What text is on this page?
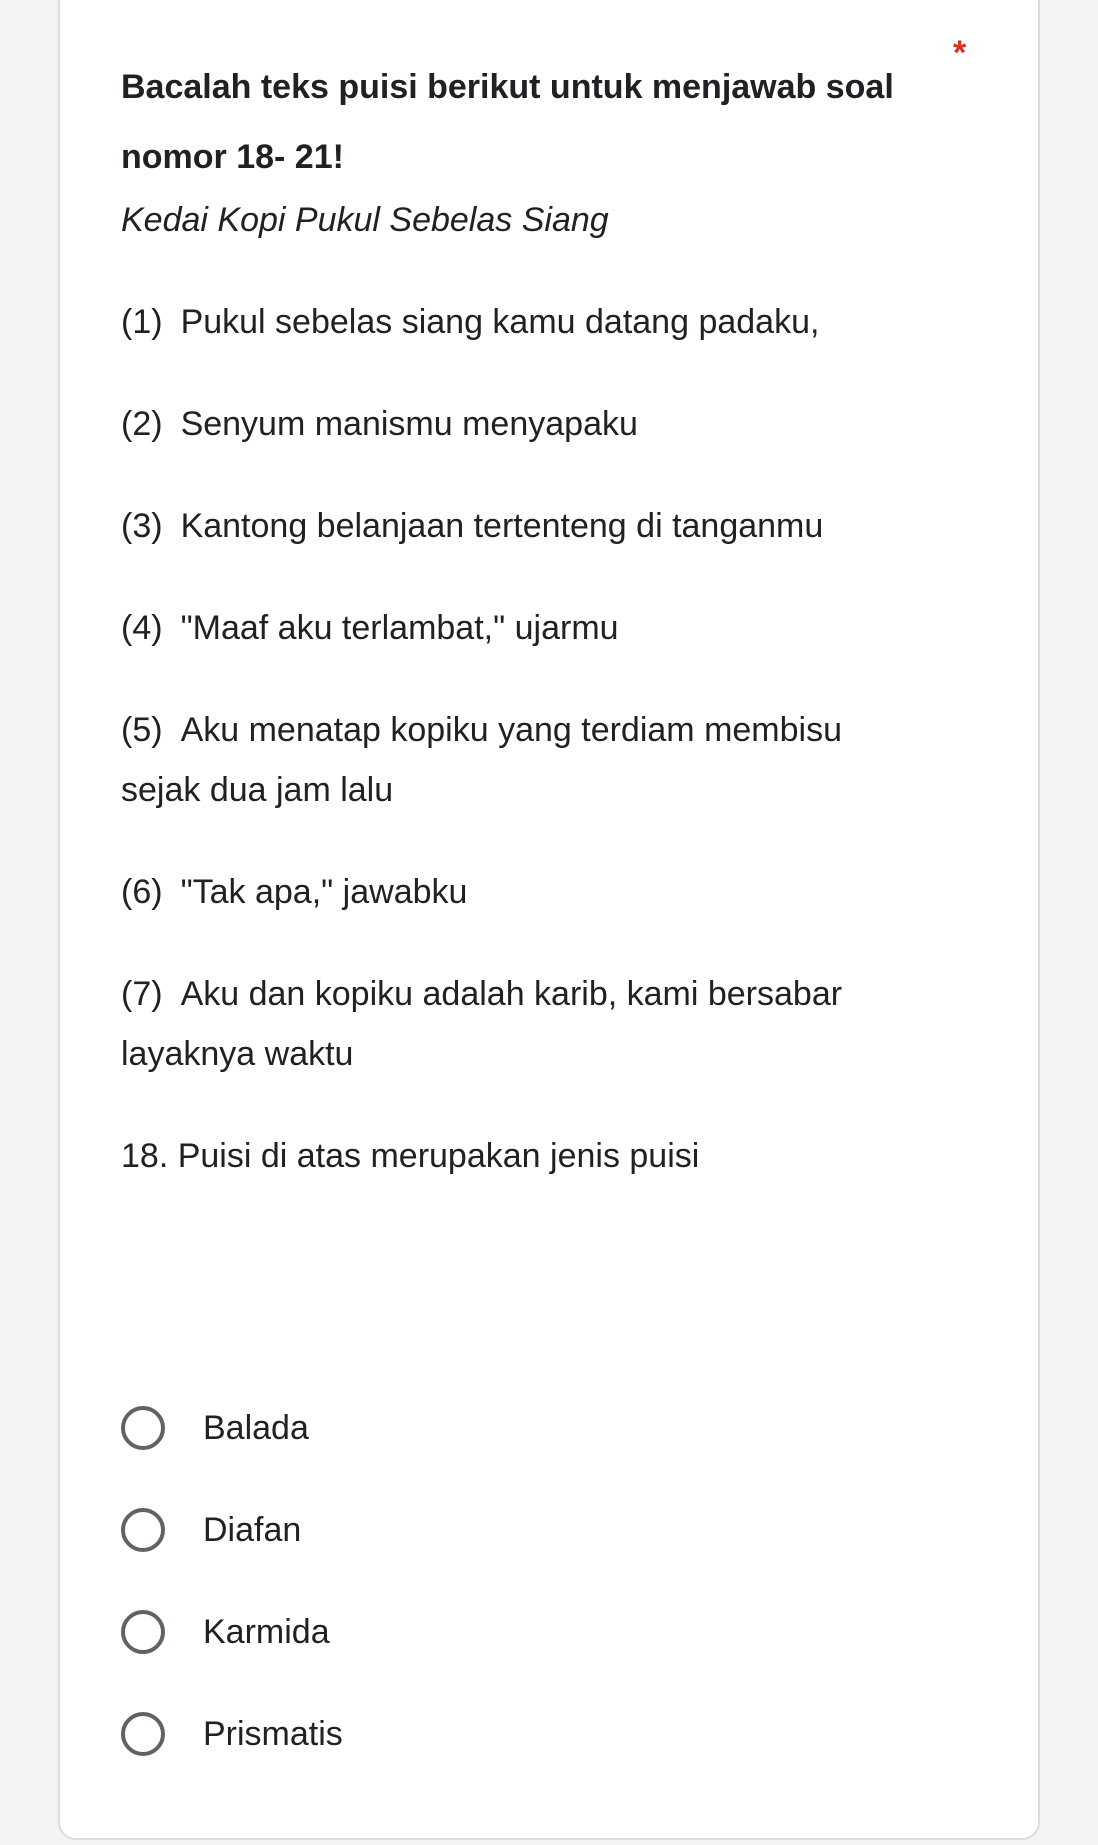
Bacalah teks puisi berikut untuk menjawab soal nomor 18- 21!

*

Kedai Kopi Pukul Sebelas Siang

(1) Pukul sebelas siang kamu datang padaku,

(2) Senyum manismu menyapaku

(3) Kantong belanjaan tertenteng di tanganmu

(4) "Maaf aku terlambat," ujarmu

(5) Aku menatap kopiku yang terdiam membisu sejak dua jam lalu

(6) "Tak apa," jawabku

(7) Aku dan kopiku adalah karib, kami bersabar layaknya waktu

18. Puisi di atas merupakan jenis puisi

Balada
Diafan
Karmida
Prismatis
